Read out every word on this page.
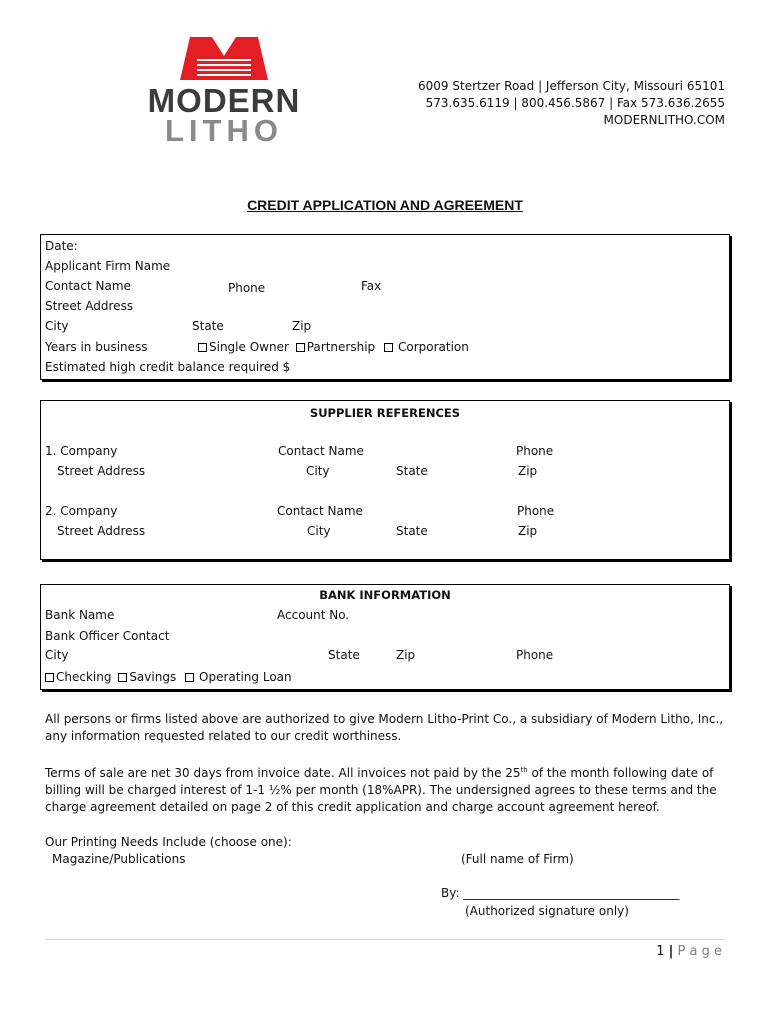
MODERN
LITHO
6009 Stertzer Road | Jefferson City, Missouri 65101
573.635.6119 | 800.456.5867 | Fax 573.636.2655
MODERNLITHO.COM
CREDIT APPLICATION AND AGREEMENT
Date:
Applicant Firm Name
Contact Name	Phone	Fax
Street Address
City	State	Zip
Years in business	Single Owner Partnership Corporation
Estimated high credit balance required $
SUPPLIER REFERENCES
1. Company	Contact Name	Phone
Street Address	City	State	Zip
2. Company	Contact Name	Phone
Street Address	City	State	Zip
BANK INFORMATION
Bank Name	Account No.
Bank Officer Contact
City	State	Zip	Phone
Checking Savings Operating Loan
All persons or firms listed above are authorized to give Modern Litho-Print Co., a subsidiary of Modern Litho, Inc., any information requested related to our credit worthiness.
Terms of sale are net 30 days from invoice date. All invoices not paid by the 25th of the month following date of billing will be charged interest of 1-1 ½% per month (18%APR). The undersigned agrees to these terms and the charge agreement detailed on page 2 of this credit application and charge account agreement hereof.
Our Printing Needs Include (choose one):
Magazine/Publications	(Full name of Firm)
By: ____________________________________
(Authorized signature only)
1 | P a g e
